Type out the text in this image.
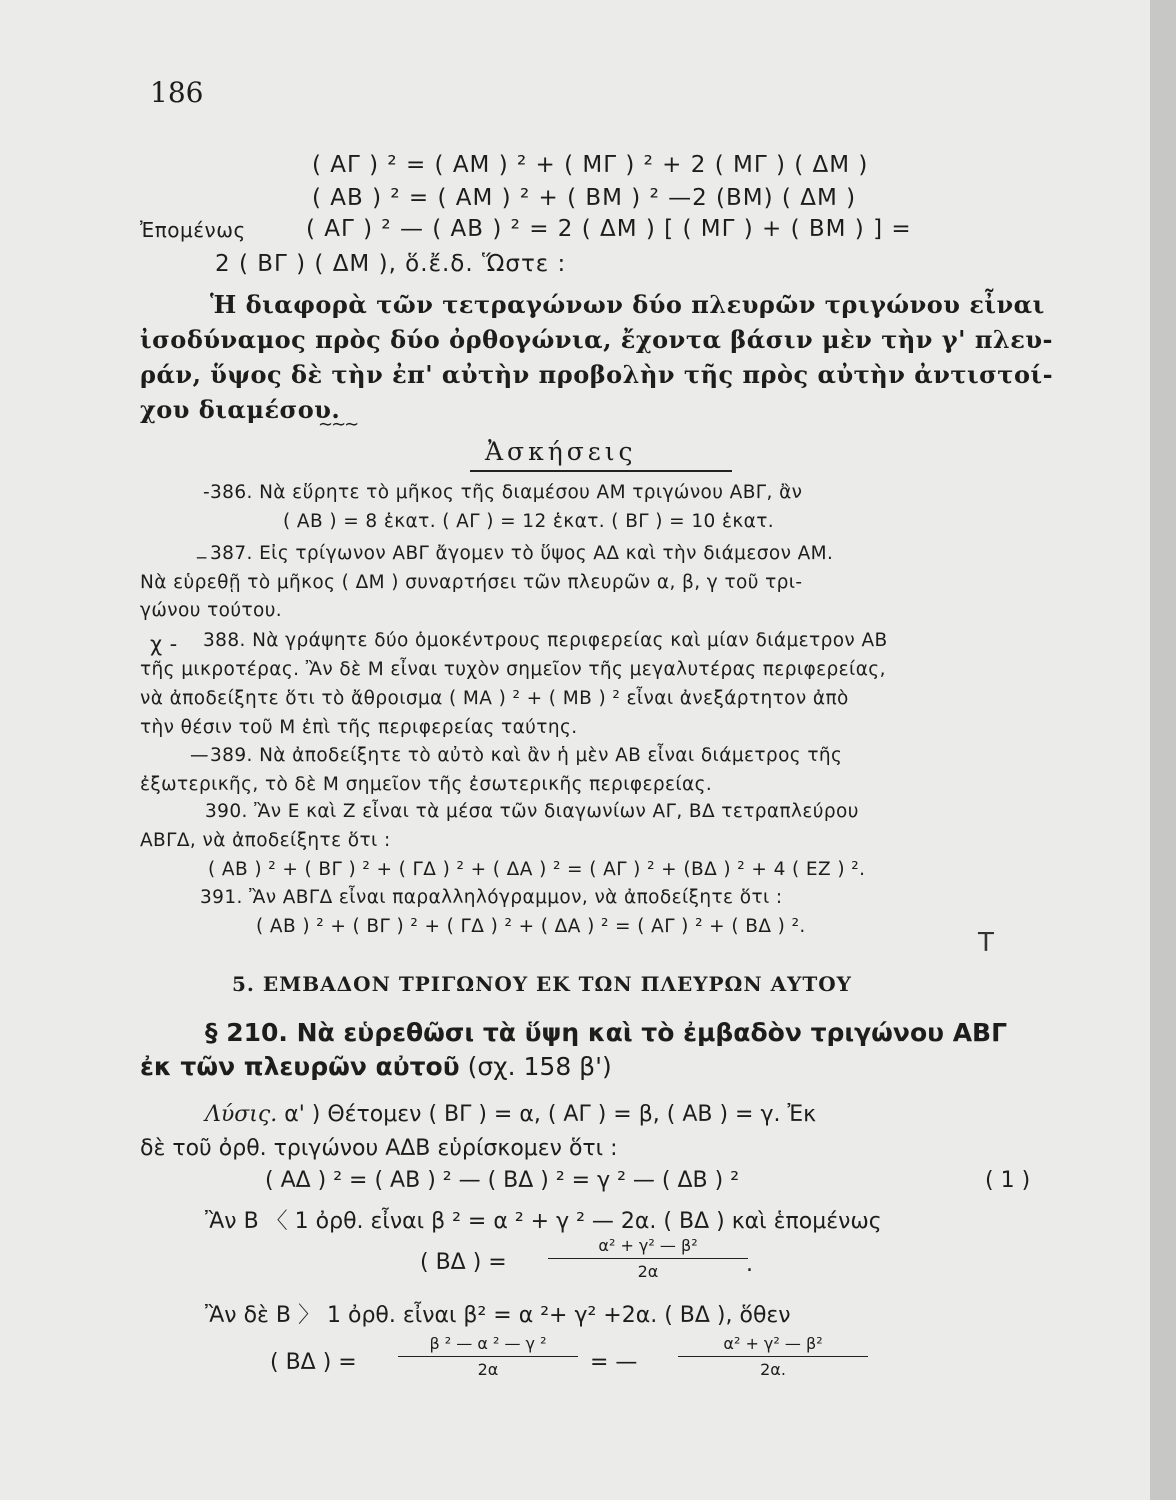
186
( ΑΓ ) ² = ( ΑΜ ) ² + ( ΜΓ ) ² + 2 ( ΜΓ ) ( ΔΜ )
( ΑΒ ) ² = ( ΑΜ ) ² + ( ΒΜ ) ² —2 (ΒΜ) ( ΔΜ )
Ἐπομένως	( ΑΓ ) ² — ( ΑΒ ) ² = 2 ( ΔΜ ) [ ( ΜΓ ) + ( ΒΜ ) ] =
2 ( ΒΓ ) ( ΔΜ ), ὅ.ἔ.δ. Ὥστε :
Ἡ διαφορὰ τῶν τετραγώνων δύο πλευρῶν τριγώνου εἶναι
ἰσοδύναμος πρὸς δύο ὀρθογώνια, ἔχοντα βάσιν μὲν τὴν γ' πλευ-
ράν, ὕψος δὲ τὴν ἐπ' αὐτὴν προβολὴν τῆς πρὸς αὐτὴν ἀντιστοί-
χου διαμέσου.
∼∼∼
Ἀσκήσεις
- 386. Νὰ εὕρητε τὸ μῆκος τῆς διαμέσου ΑΜ τριγώνου ΑΒΓ, ἂν
( ΑΒ ) = 8 ἑκατ. ( ΑΓ ) = 12 ἑκατ. ( ΒΓ ) = 10 ἑκατ.
_ 387. Εἰς τρίγωνον ΑΒΓ ἄγομεν τὸ ὕψος ΑΔ καὶ τὴν διάμεσον ΑΜ.
Νὰ εὑρεθῇ τὸ μῆκος ( ΔΜ ) συναρτήσει τῶν πλευρῶν α, β, γ τοῦ τρι-
γώνου τούτου.
χ - 388. Νὰ γράψητε δύο ὁμοκέντρους περιφερείας καὶ μίαν διάμετρον ΑΒ
τῆς μικροτέρας. Ἂν δὲ Μ εἶναι τυχὸν σημεῖον τῆς μεγαλυτέρας περιφερείας,
νὰ ἀποδείξητε ὅτι τὸ ἄθροισμα ( ΜΑ ) ² + ( ΜΒ ) ² εἶναι ἀνεξάρτητον ἀπὸ
τὴν θέσιν τοῦ Μ ἐπὶ τῆς περιφερείας ταύτης.
— 389. Νὰ ἀποδείξητε τὸ αὐτὸ καὶ ἂν ἡ μὲν ΑΒ εἶναι διάμετρος τῆς
ἐξωτερικῆς, τὸ δὲ Μ σημεῖον τῆς ἐσωτερικῆς περιφερείας.
390. Ἂν Ε καὶ Ζ εἶναι τὰ μέσα τῶν διαγωνίων ΑΓ, ΒΔ τετραπλεύρου
ΑΒΓΔ, νὰ ἀποδείξητε ὅτι :
( ΑΒ ) ² + ( ΒΓ ) ² + ( ΓΔ ) ² + ( ΔΑ ) ² = ( ΑΓ ) ² + (ΒΔ ) ² + 4 ( ΕΖ ) ².
391. Ἂν ΑΒΓΔ εἶναι παραλληλόγραμμον, νὰ ἀποδείξητε ὅτι :
( ΑΒ ) ² + ( ΒΓ ) ² + ( ΓΔ ) ² + ( ΔΑ ) ² = ( ΑΓ ) ² + ( ΒΔ ) ².
Τ
5. ΕΜΒΑΔΟΝ ΤΡΙΓΩΝΟΥ ΕΚ ΤΩΝ ΠΛΕΥΡΩΝ ΑΥΤΟΥ
§ 210. Νὰ εὑρεθῶσι τὰ ὕψη καὶ τὸ ἐμβαδὸν τριγώνου ΑΒΓ
ἐκ τῶν πλευρῶν αὐτοῦ (σχ. 158 β')
Λύσις. α' ) Θέτομεν ( ΒΓ ) = α, ( ΑΓ ) = β, ( ΑΒ ) = γ. Ἐκ
δὲ τοῦ ὀρθ. τριγώνου ΑΔΒ εὑρίσκομεν ὅτι :
( ΑΔ ) ² = ( ΑΒ ) ² — ( ΒΔ ) ² = γ ² — ( ΔΒ ) ²	( 1 )
Ἂν Β 〈 1 ὀρθ. εἶναι β ² = α ² + γ ² — 2α. ( ΒΔ ) καὶ ἑπομένως
( ΒΔ ) =
α² + γ² — β²
2α	.
Ἂν δὲ Β 〉 1 ὀρθ. εἶναι β² = α ²+ γ² +2α. ( ΒΔ ), ὅθεν
( ΒΔ ) =
β ² — α ² — γ ²
2α	= —
α² + γ² — β²
2α.
